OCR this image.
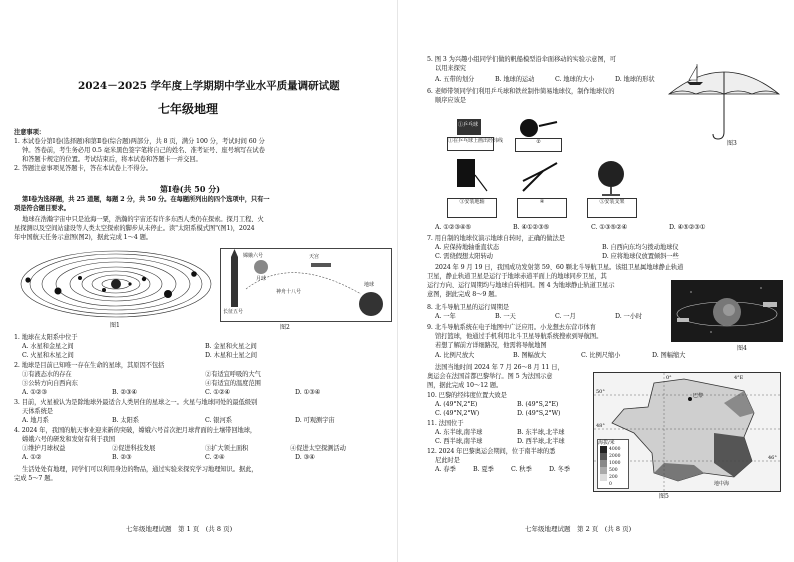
2024－2025 学年度上学期期中学业水平质量调研试题
七年级地理
注意事项：
1. 本试卷分第Ⅰ卷(选择题)和第Ⅱ卷(综合题)两部分，共 8 页，满分 100 分，考试时间 60 分
钟。答卷前，考生务必用 0.5 毫米黑色签字笔将自己的姓名、准考证号、座号填写在试卷
和答题卡规定的位置。考试结束后，将本试卷和答题卡一并交回。
2. 答题注意事项见答题卡，答在本试卷上不得分。
第Ⅰ卷(共 50 分)
第Ⅰ卷为选择题，共 25 道题，每题 2 分，共 50 分。在每题所列出的四个选项中，只有一
项是符合题目要求。
地球在浩瀚宇宙中只是沧海一粟，浩瀚的宇宙还有许多东西人类仍在探索。探月工程、火
星探测以及空间站建设等人类太空探索的脚步从未停止。读"太阳系模式图"(图1)，2024
年中国航天任务示意图(图2)，据此完成 1～4 题。
图1
嫦娥六号
长征五号
神舟十八号
天宫
地球
月球
图2
1. 地球在太阳系中位于
A. 水星和金星之间	B. 金星和火星之间
C. 火星和木星之间	D. 木星和土星之间
2. 地球是目前已知唯一存在生命的星球，其原因不包括
①有液态水的存在	②有适宜呼吸的大气
③公转方向自西向东	④有适宜的温度范围
A. ①②③	B. ②③④	C. ①②④	D. ①③④
3. 目前，火星被认为是除地球外最适合人类居住的星球之一。火星与地球同处的最低级别
天体系统是
A. 地月系	B. 太阳系	C. 银河系	D. 可观测宇宙
4. 2024 年，我国的航天事业迎来新的突破，嫦娥六号首次把月球背面的土壤带回地球，
嫦娥六号的研发和发射有利于我国
①维护月球权益	②促进科技发展	③扩大领土面积	④促进太空探测活动
A. ①②	B. ②③	C. ②④	D. ③④
生活处处有地理，同学们可以利用身边的物品，通过实验来探究学习地理知识。据此，
完成 5～7 题。
七年级地理试题　第 1 页　(共 8 页)
5. 图 3 为兴趣小组同学们做的帆船模型沿伞面移动的实验示意图，可
以用来探究
A. 五带的划分	B. 地球的运动	C. 地球的大小	D. 地球的形状
6. 老师带领同学们利用乒乓球和铁丝制作简易地球仪，制作地球仪的
顺序应该是
图3
①乒乓球
①在乒乓球上画出经纬线	②
③安装地轴	④	⑤安装支架
A. ①②③④⑤	B. ④①②③⑤	C. ①③⑤②④	D. ④⑤②③①
7. 用自制的地球仪演示地球自转时，正确的做法是
A. 应保持地轴垂直状态	B. 自西向东均匀拨动地球仪
C. 需绕假想太阳转动	D. 应将地球仪放置倾斜一些
2024 年 9 月 19 日，我国成功发射第 59、60 颗北斗导航卫星。该组卫星属地球静止轨道
卫星，静止轨道卫星是运行于地球赤道平面上的地球同步卫星，其
运行方向、运行周期均与地球自转相同。图 4 为地球静止轨道卫星示
意图，据此完成 8～9 题。
图4
8. 北斗导航卫星的运行周期是
A. 一年	B. 一天	C. 一月	D. 一小时
9. 北斗导航系统在电子地图中广泛应用。小龙想去东营市体育
馆打篮球，他通过手机利用北斗卫星导航系统搜索到导航图。
若想了解前方详细路况，他需将导航地图
A. 比例尺放大	B. 图幅放大	C. 比例尺缩小	D. 图幅缩大
法国当地时间 2024 年 7 月 26～8 月 11 日，
奥运会在法国首都巴黎举行。图 5 为法国示意
图，据此完成 10～12 题。
10. 巴黎的经纬度位置大致是
A. (49°N,2°E)	B. (49°S,2°E)
C. (49°N,2°W)	D. (49°S,2°W)
11. 法国位于
A. 东半球,南半球	B. 东半球,北半球
C. 西半球,南半球	D. 西半球,北半球
12. 2024 年巴黎奥运会期间，位于南半球的悉
尼此时是
A. 春季	B. 夏季	C. 秋季	D. 冬季
巴黎
地中海
50°
48°
46°
0°	4°E
海拔/米
4000
2000
1000
500
200
0
图5
七年级地理试题　第 2 页　(共 8 页)
